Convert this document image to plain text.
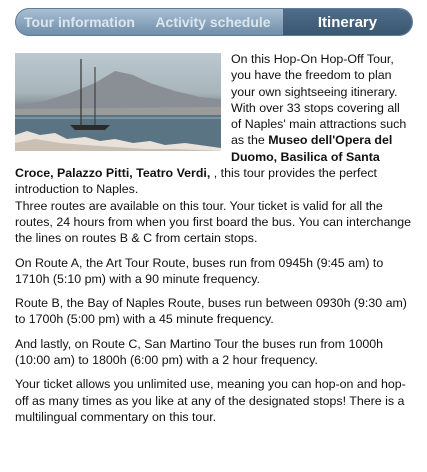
Tour information	Activity schedule	Itinerary

On this Hop-On Hop-Off Tour, you have the freedom to plan your own sightseeing itinerary. With over 33 stops covering all of Naples' main attractions such as the Museo dell'Opera del Duomo, Basilica of Santa Croce, Palazzo Pitti, Teatro Verdi, , this tour provides the perfect introduction to Naples.

Three routes are available on this tour. Your ticket is valid for all the routes, 24 hours from when you first board the bus. You can interchange the lines on routes B & C from certain stops.

On Route A, the Art Tour Route, buses run from 0945h (9:45 am) to 1710h (5:10 pm) with a 90 minute frequency.

Route B, the Bay of Naples Route, buses run between 0930h (9:30 am) to 1700h (5:00 pm) with a 45 minute frequency.

And lastly, on Route C, San Martino Tour the buses run from 1000h (10:00 am) to 1800h (6:00 pm) with a 2 hour frequency.

Your ticket allows you unlimited use, meaning you can hop-on and hop-off as many times as you like at any of the designated stops! There is a multilingual commentary on this tour.
